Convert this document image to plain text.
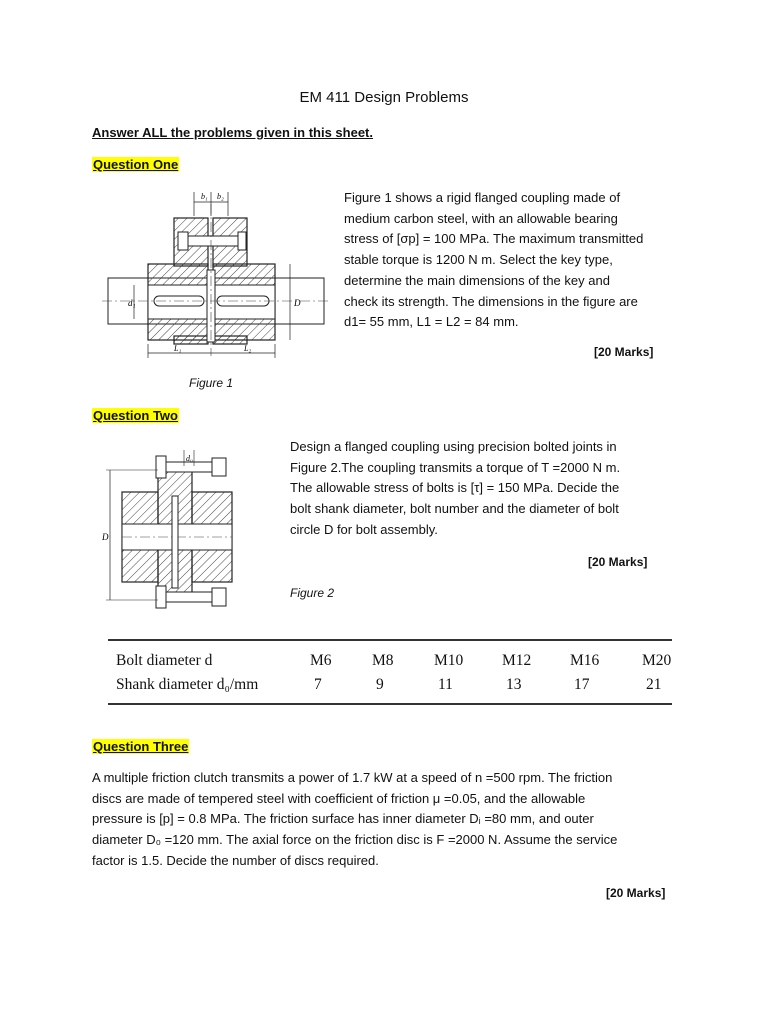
EM 411 Design Problems
Answer ALL the problems given in this sheet.
Question One
b₁ b₂
d₁	D
L₁	L₂
Figure 1 shows a rigid flanged coupling made of
medium carbon steel, with an allowable bearing
stress of [σp] = 100 MPa. The maximum transmitted
stable torque is 1200 N m. Select the key type,
determine the main dimensions of the key and
check its strength. The dimensions in the figure are
d1= 55 mm, L1 = L2 = 84 mm.
[20 Marks]
Figure 1
Question Two
d₀
D
Design a flanged coupling using precision bolted joints in
Figure 2.The coupling transmits a torque of T =2000 N m.
The allowable stress of bolts is [τ] = 150 MPa. Decide the
bolt shank diameter, bolt number and the diameter of bolt
circle D for bolt assembly.
[20 Marks]
Figure 2
Bolt diameter d	M6	M8	M10	M12	M16	M20
Shank diameter d₀/mm	7	9	11	13	17	21
Question Three
A multiple friction clutch transmits a power of 1.7 kW at a speed of n =500 rpm. The friction
discs are made of tempered steel with coefficient of friction μ =0.05, and the allowable
pressure is [p] = 0.8 MPa. The friction surface has inner diameter Dᵢ =80 mm, and outer
diameter D₀ =120 mm. The axial force on the friction disc is F =2000 N. Assume the service
factor is 1.5. Decide the number of discs required.
[20 Marks]
